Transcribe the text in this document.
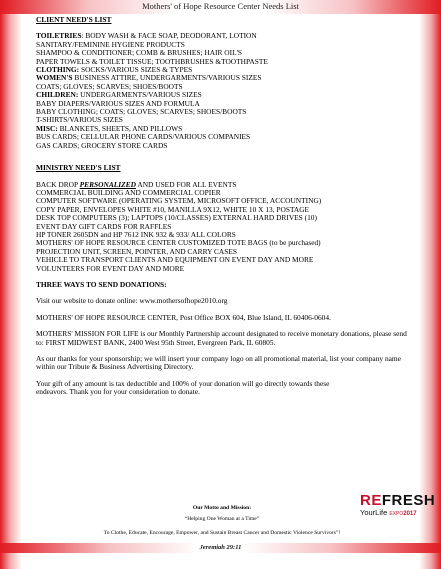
Mothers' of Hope Resource Center Needs List
CLIENT NEED'S LIST
TOILETRIES: BODY WASH & FACE SOAP, DEODORANT, LOTION
SANITARY/FEMININE HYGIENE PRODUCTS
SHAMPOO & CONDITIONER; COMB & BRUSHES; HAIR OIL'S
PAPER TOWELS & TOILET TISSUE; TOOTHBRUSHES &TOOTHPASTE
CLOTHING: SOCKS/VARIOUS SIZES & TYPES
WOMEN'S BUSINESS ATTIRE, UNDERGARMENTS/VARIOUS SIZES
COATS; GLOVES; SCARVES; SHOES/BOOTS
CHILDREN: UNDERGARMENTS/VARIOUS SIZES
BABY DIAPERS/VARIOUS SIZES AND FORMULA
BABY CLOTHING; COATS; GLOVES; SCARVES; SHOES/BOOTS
T-SHIRTS/VARIOUS SIZES
MISC: BLANKETS, SHEETS, AND PILLOWS
BUS CARDS; CELLULAR PHONE CARDS/VARIOUS COMPANIES
GAS CARDS; GROCERY STORE CARDS
MINISTRY NEED'S LIST
BACK DROP PERSONALIZED AND USED FOR ALL EVENTS
COMMERCIAL BUILDING AND COMMERCIAL COPIER
COMPUTER SOFTWARE (OPERATING SYSTEM, MICROSOFT OFFICE, ACCOUNTING)
COPY PAPER, ENVELOPES WHITE #10, MANILLA 9X12, WHITE 10 X 13, POSTAGE
DESK TOP COMPUTERS (3); LAPTOPS (10/CLASSES) EXTERNAL HARD DRIVES (10)
EVENT DAY GIFT CARDS FOR RAFFLES
HP TONER 2605DN and HP 7612 INK 932 & 933/ ALL COLORS
MOTHERS' OF HOPE RESOURCE CENTER CUSTOMIZED TOTE BAGS (to be purchased)
PROJECTION UNIT, SCREEN, POINTER, AND CARRY CASES
VEHICLE TO TRANSPORT CLIENTS AND EQUIPMENT ON EVENT DAY AND MORE
VOLUNTEERS FOR EVENT DAY AND MORE
THREE WAYS TO SEND DONATIONS:
Visit our website to donate online: www.mothersofhope2010.org
MOTHERS' OF HOPE RESOURCE CENTER, Post Office BOX 604, Blue Island, IL 60406-0604.
MOTHERS' MISSION FOR LIFE is our Monthly Partnership account designated to receive monetary donations, please send to: FIRST MIDWEST BANK, 2400 West 95th Street, Evergreen Park, IL 60805.
As our thanks for your sponsorship; we will insert your company logo on all promotional material, list your company name within our Tribute & Business Advertising Directory.
Your gift of any amount is tax deductible and 100% of your donation will go directly towards these endeavors. Thank you for your consideration to donate.
REFRESH
YourLife EXPO2017
Our Motto and Mission:
“Helping One Woman at a Time”
To Clothe, Educate, Encourage, Empower, and Sustain Breast Cancer and Domestic Violence Survivors”!
Jeremiah 29:11
